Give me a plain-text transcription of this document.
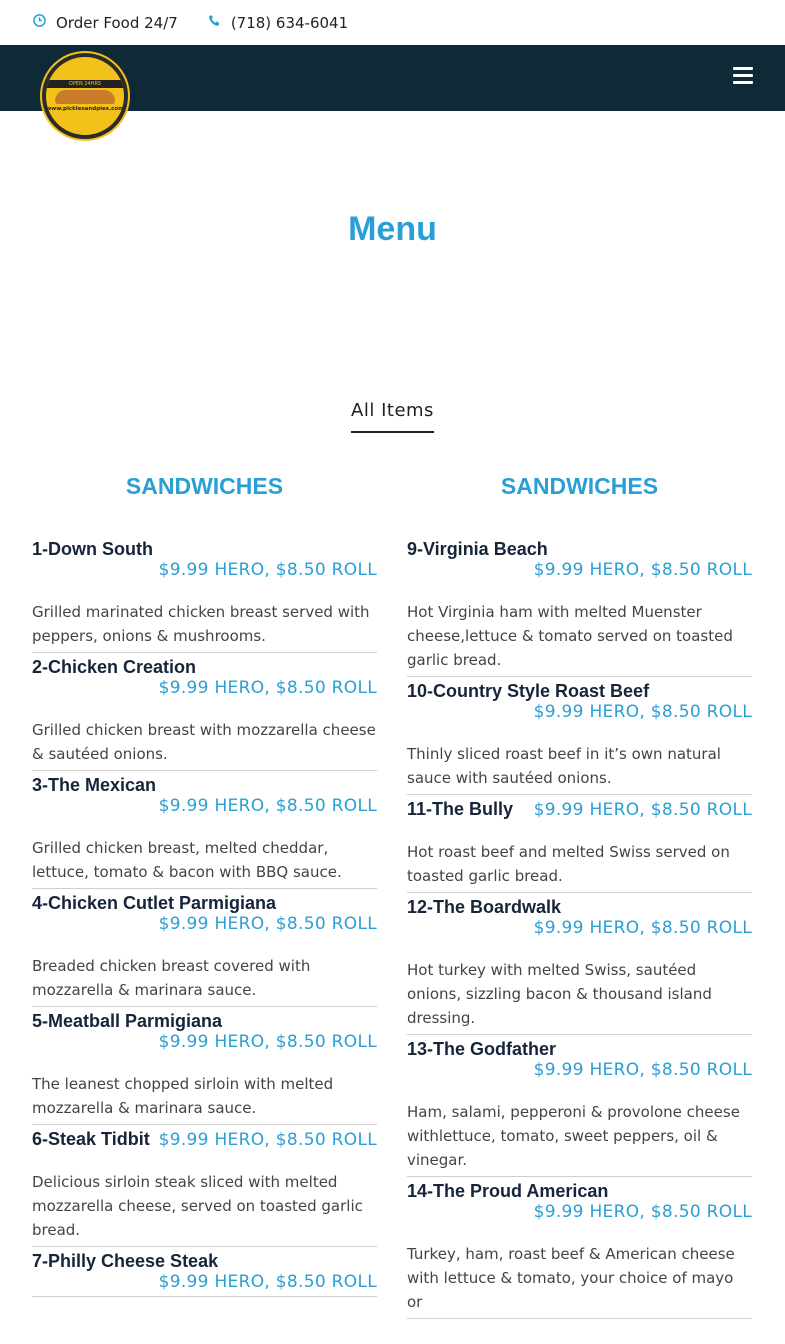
Order Food 24/7	(718) 634-6041
OPEN 24HRS
www.picklesandpies.com
Menu
All Items
SANDWICHES
1-Down South
$9.99 HERO, $8.50 ROLL
Grilled marinated chicken breast served with peppers, onions & mushrooms.
2-Chicken Creation
$9.99 HERO, $8.50 ROLL
Grilled chicken breast with mozzarella cheese & sautéed onions.
3-The Mexican
$9.99 HERO, $8.50 ROLL
Grilled chicken breast, melted cheddar, lettuce, tomato & bacon with BBQ sauce.
4-Chicken Cutlet Parmigiana
$9.99 HERO, $8.50 ROLL
Breaded chicken breast covered with mozzarella & marinara sauce.
5-Meatball Parmigiana
$9.99 HERO, $8.50 ROLL
The leanest chopped sirloin with melted mozzarella & marinara sauce.
6-Steak Tidbit $9.99 HERO, $8.50 ROLL
Delicious sirloin steak sliced with melted mozzarella cheese, served on toasted garlic bread.
7-Philly Cheese Steak
$9.99 HERO, $8.50 ROLL
SANDWICHES
9-Virginia Beach
$9.99 HERO, $8.50 ROLL
Hot Virginia ham with melted Muenster cheese,lettuce & tomato served on toasted garlic bread.
10-Country Style Roast Beef
$9.99 HERO, $8.50 ROLL
Thinly sliced roast beef in it’s own natural sauce with sautéed onions.
11-The Bully $9.99 HERO, $8.50 ROLL
Hot roast beef and melted Swiss served on toasted garlic bread.
12-The Boardwalk
$9.99 HERO, $8.50 ROLL
Hot turkey with melted Swiss, sautéed onions, sizzling bacon & thousand island dressing.
13-The Godfather
$9.99 HERO, $8.50 ROLL
Ham, salami, pepperoni & provolone cheese withlettuce, tomato, sweet peppers, oil & vinegar.
14-The Proud American
$9.99 HERO, $8.50 ROLL
Turkey, ham, roast beef & American cheese with lettuce & tomato, your choice of mayo or
